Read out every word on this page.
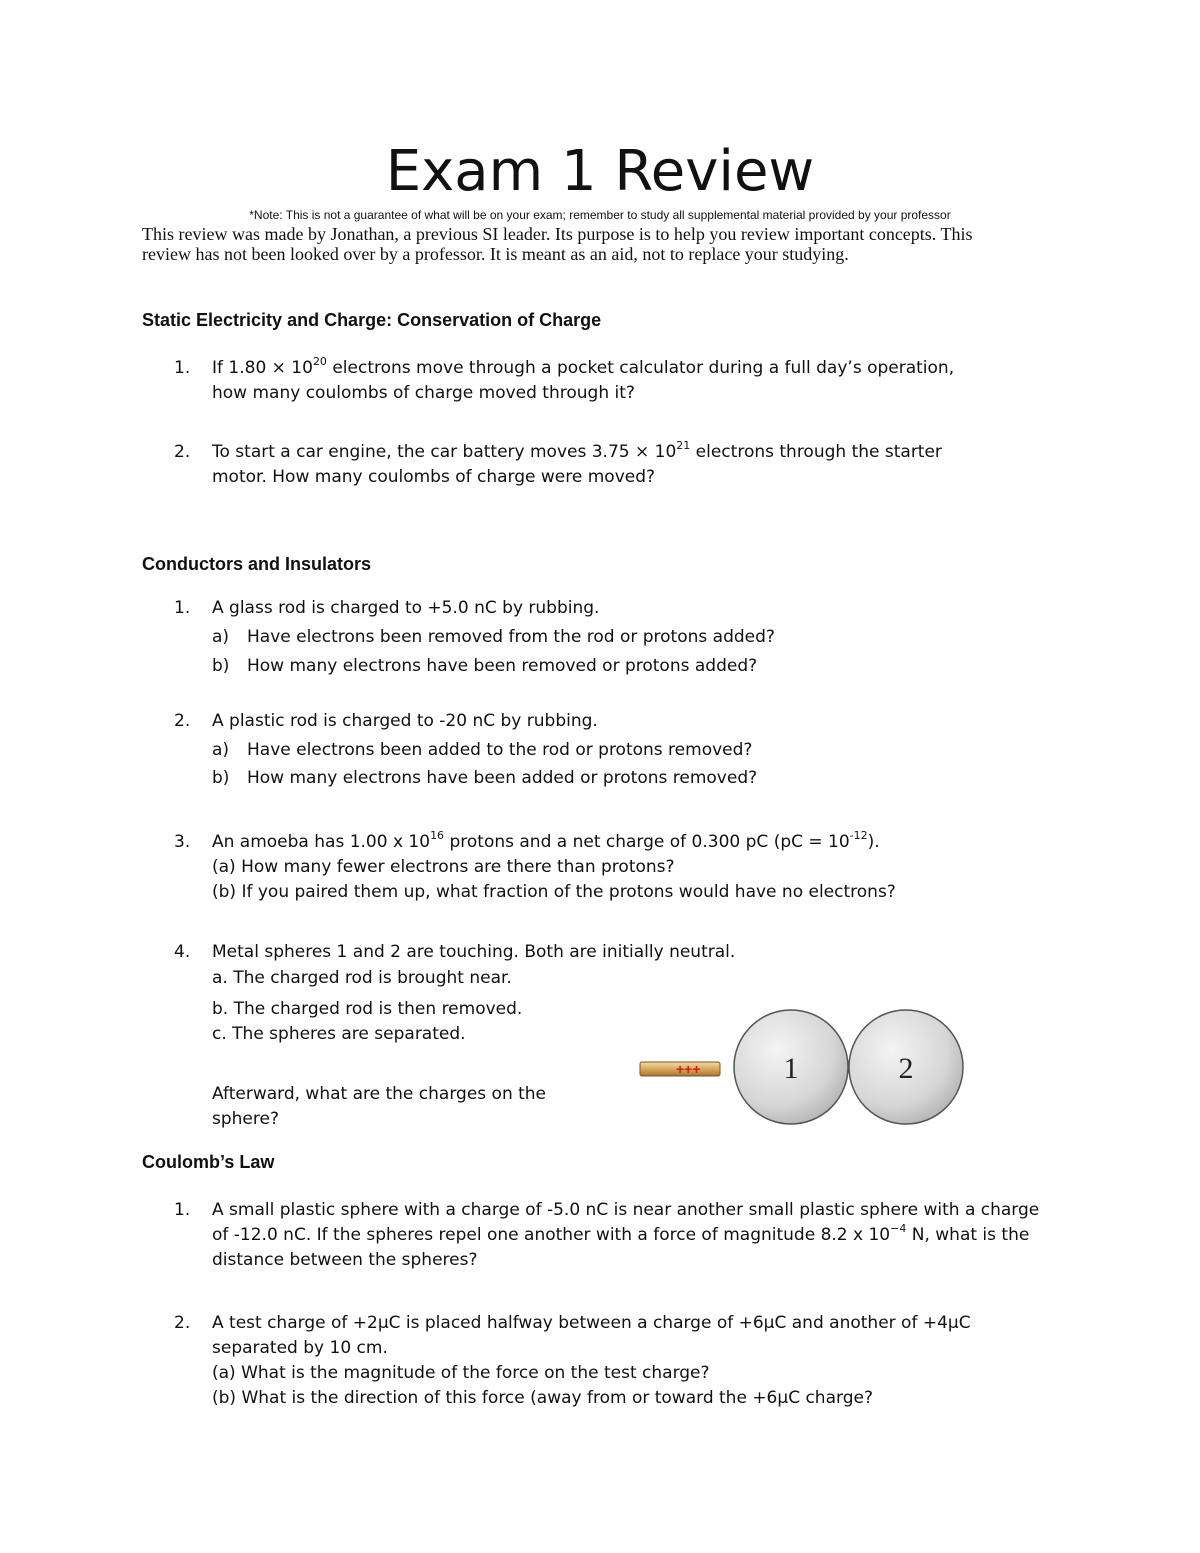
Exam 1 Review
*Note: This is not a guarantee of what will be on your exam; remember to study all supplemental material provided by your professor
This review was made by Jonathan, a previous SI leader. Its purpose is to help you review important concepts. This
review has not been looked over by a professor. It is meant as an aid, not to replace your studying.
Static Electricity and Charge: Conservation of Charge
1.	If $1.80 \times 10^{20}$ electrons move through a pocket calculator during a full day’s operation,
how many coulombs of charge moved through it?
2.	To start a car engine, the car battery moves $3.75 \times 10^{21}$ electrons through the starter
motor. How many coulombs of charge were moved?
Conductors and Insulators
1.	A glass rod is charged to +5.0 nC by rubbing.
a) Have electrons been removed from the rod or protons added?
b) How many electrons have been removed or protons added?
2.	A plastic rod is charged to -20 nC by rubbing.
a) Have electrons been added to the rod or protons removed?
b) How many electrons have been added or protons removed?
3.	An amoeba has 1.00 x $10^{16}$ protons and a net charge of 0.300 pC $(pC = 10^{-12})$.
(a) How many fewer electrons are there than protons?
(b) If you paired them up, what fraction of the protons would have no electrons?
4.	Metal spheres 1 and 2 are touching. Both are initially neutral.
a. The charged rod is brought near.
b. The charged rod is then removed.
c. The spheres are separated.
Afterward, what are the charges on the
sphere?
+++	1	2
Coulomb’s Law
1.	A small plastic sphere with a charge of -5.0 nC is near another small plastic sphere with a charge
of -12.0 nC. If the spheres repel one another with a force of magnitude 8.2 x $10^{-4}$ N, what is the
distance between the spheres?
2.	A test charge of +2µC is placed halfway between a charge of +6µC and another of +4µC
separated by 10 cm.
(a) What is the magnitude of the force on the test charge?
(b) What is the direction of this force (away from or toward the +6µC charge?
